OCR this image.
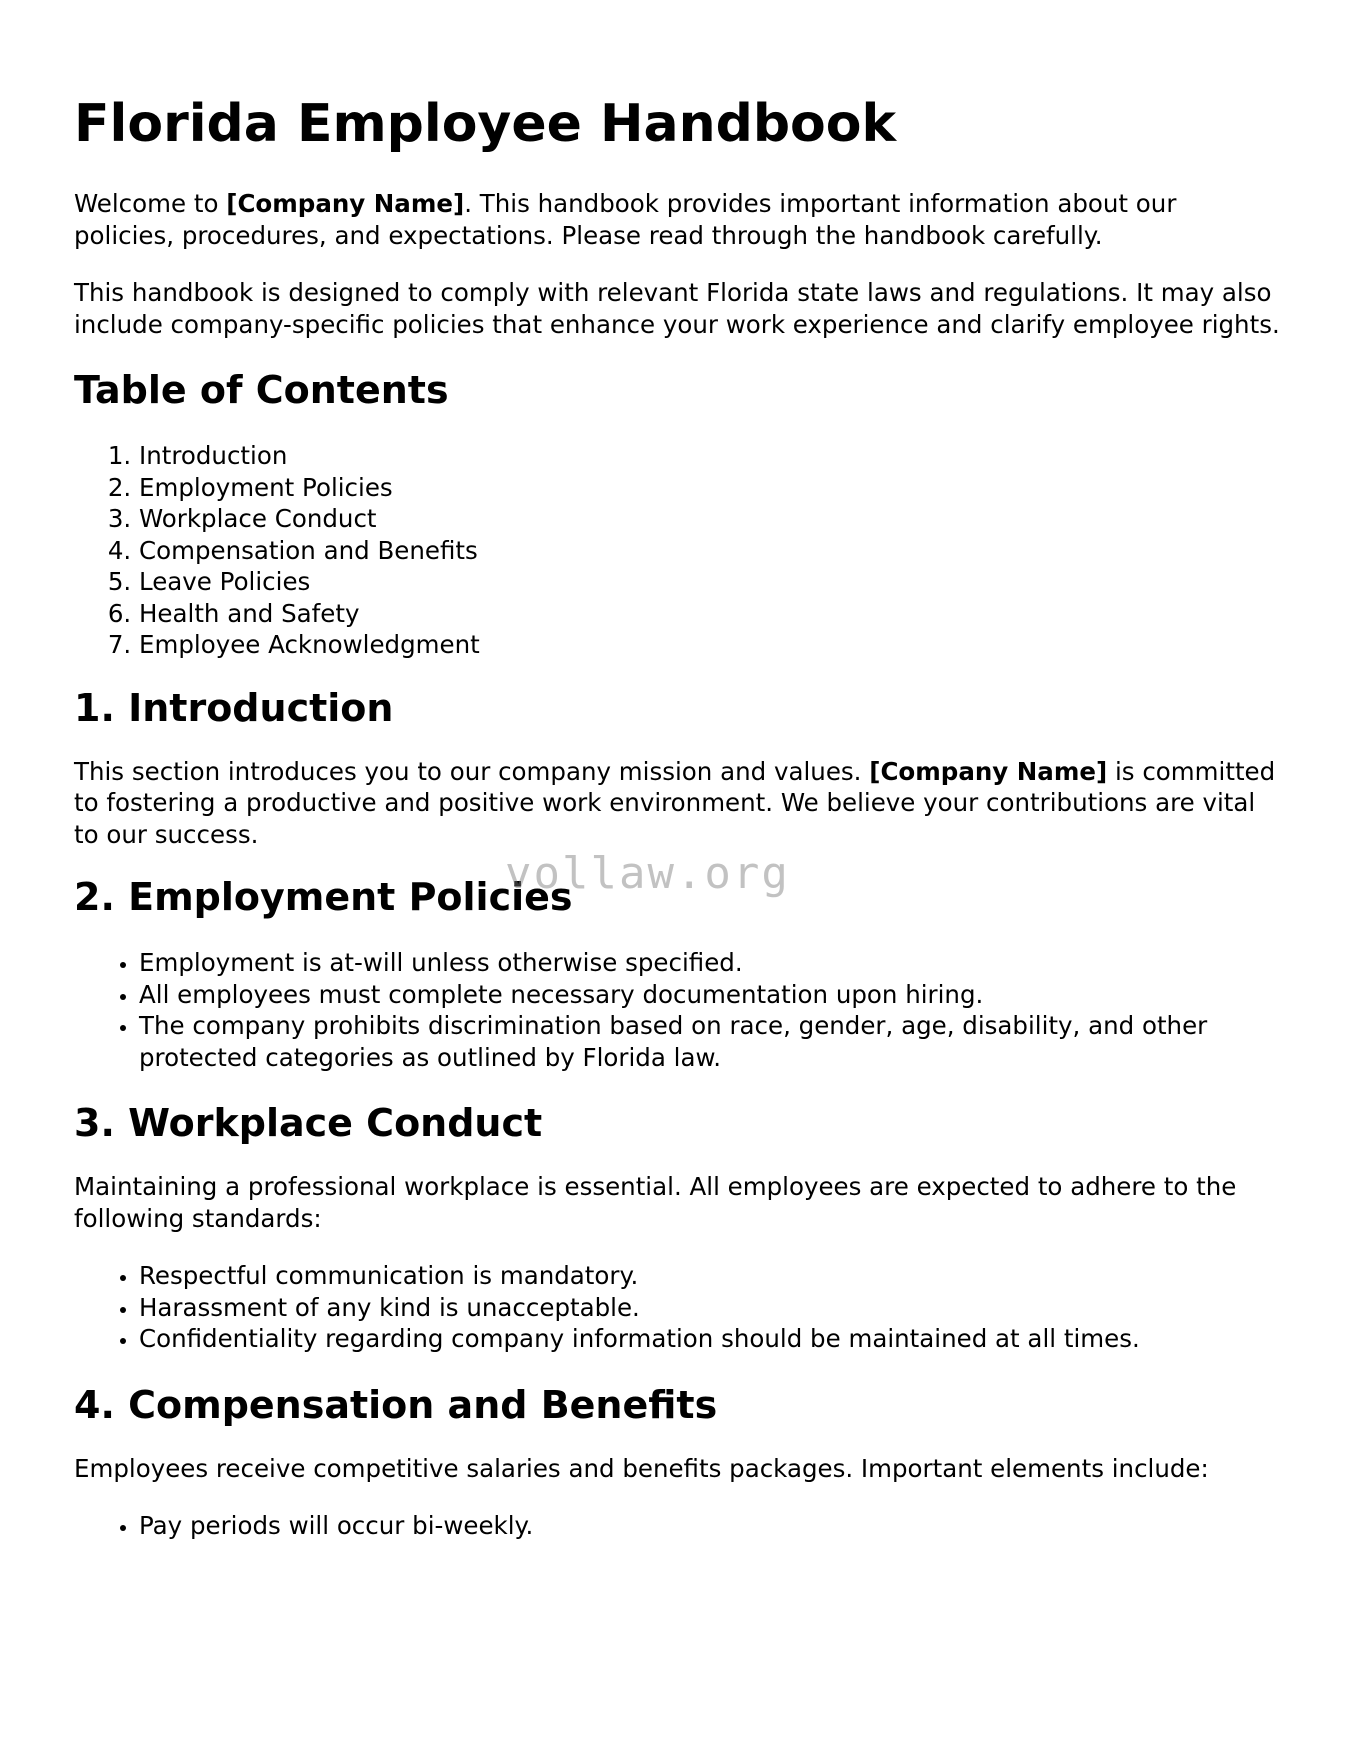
Florida Employee Handbook

Welcome to [Company Name]. This handbook provides important information about our policies, procedures, and expectations. Please read through the handbook carefully.

This handbook is designed to comply with relevant Florida state laws and regulations. It may also include company-specific policies that enhance your work experience and clarify employee rights.

Table of Contents
1. Introduction
2. Employment Policies
3. Workplace Conduct
4. Compensation and Benefits
5. Leave Policies
6. Health and Safety
7. Employee Acknowledgment
1. Introduction

This section introduces you to our company mission and values. [Company Name] is committed to fostering a productive and positive work environment. We believe your contributions are vital to our success.

2. Employment Policies
• Employment is at-will unless otherwise specified.
• All employees must complete necessary documentation upon hiring.
• The company prohibits discrimination based on race, gender, age, disability, and other protected categories as outlined by Florida law.
3. Workplace Conduct

Maintaining a professional workplace is essential. All employees are expected to adhere to the following standards:

• Respectful communication is mandatory.
• Harassment of any kind is unacceptable.
• Confidentiality regarding company information should be maintained at all times.
4. Compensation and Benefits

Employees receive competitive salaries and benefits packages. Important elements include:

• Pay periods will occur bi-weekly.
vollaw.org
